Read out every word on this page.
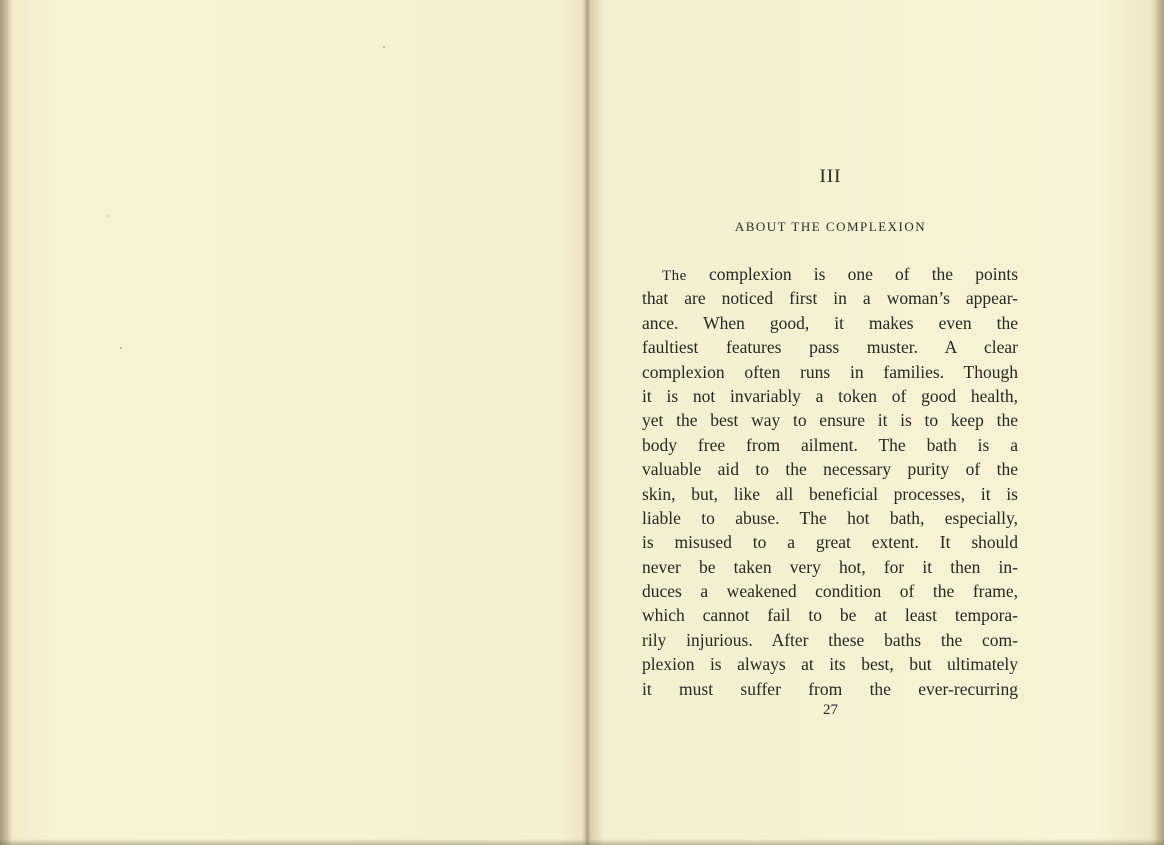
III
ABOUT THE COMPLEXION
The complexion is one of the points
that are noticed first in a woman’s appear-
ance. When good, it makes even the
faultiest features pass muster. A clear
complexion often runs in families. Though
it is not invariably a token of good health,
yet the best way to ensure it is to keep the
body free from ailment. The bath is a
valuable aid to the necessary purity of the
skin, but, like all beneficial processes, it is
liable to abuse. The hot bath, especially,
is misused to a great extent. It should
never be taken very hot, for it then in-
duces a weakened condition of the frame,
which cannot fail to be at least tempora-
rily injurious. After these baths the com-
plexion is always at its best, but ultimately
it must suffer from the ever-recurring
27
